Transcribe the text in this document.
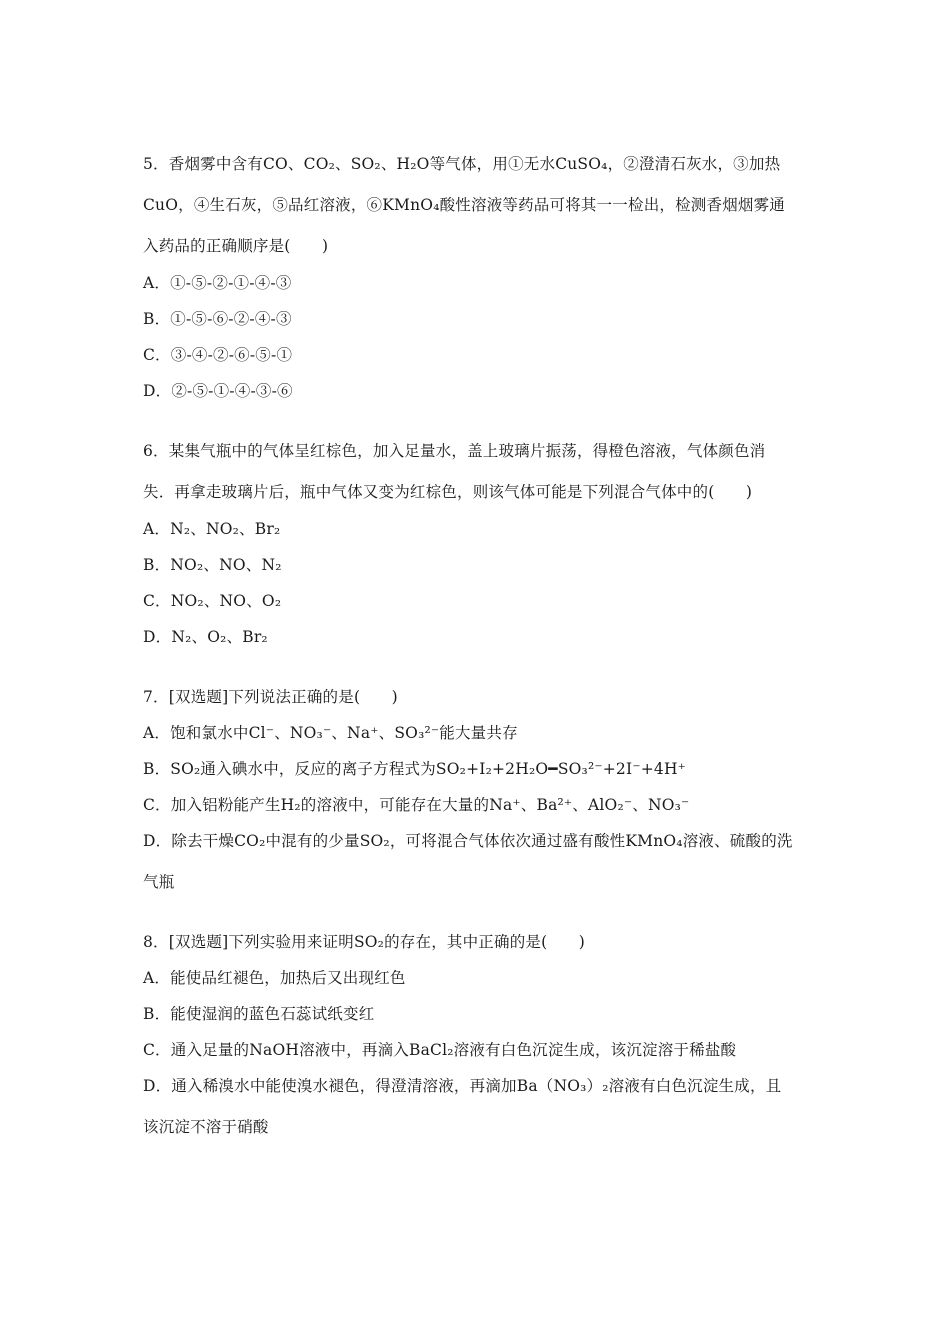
5．香烟雾中含有CO、CO₂、SO₂、H₂O等气体，用①无水CuSO₄，②澄清石灰水，③加热
CuO，④生石灰，⑤品红溶液，⑥KMnO₄酸性溶液等药品可将其一一检出，检测香烟烟雾通
入药品的正确顺序是(　　)
A．①-⑤-②-①-④-③
B．①-⑤-⑥-②-④-③
C．③-④-②-⑥-⑤-①
D．②-⑤-①-④-③-⑥
6．某集气瓶中的气体呈红棕色，加入足量水，盖上玻璃片振荡，得橙色溶液，气体颜色消
失．再拿走玻璃片后，瓶中气体又变为红棕色，则该气体可能是下列混合气体中的(　　)
A．N₂、NO₂、Br₂
B．NO₂、NO、N₂
C．NO₂、NO、O₂
D．N₂、O₂、Br₂
7．[双选题]下列说法正确的是(　　)
A．饱和氯水中Cl⁻、NO₃⁻、Na⁺、SO₃²⁻能大量共存
B．SO₂通入碘水中，反应的离子方程式为SO₂+I₂+2H₂O━SO₃²⁻+2I⁻+4H⁺
C．加入铝粉能产生H₂的溶液中，可能存在大量的Na⁺、Ba²⁺、AlO₂⁻、NO₃⁻
D．除去干燥CO₂中混有的少量SO₂，可将混合气体依次通过盛有酸性KMnO₄溶液、硫酸的洗
气瓶
8．[双选题]下列实验用来证明SO₂的存在，其中正确的是(　　)
A．能使品红褪色，加热后又出现红色
B．能使湿润的蓝色石蕊试纸变红
C．通入足量的NaOH溶液中，再滴入BaCl₂溶液有白色沉淀生成，该沉淀溶于稀盐酸
D．通入稀溴水中能使溴水褪色，得澄清溶液，再滴加Ba（NO₃）₂溶液有白色沉淀生成，且
该沉淀不溶于硝酸
